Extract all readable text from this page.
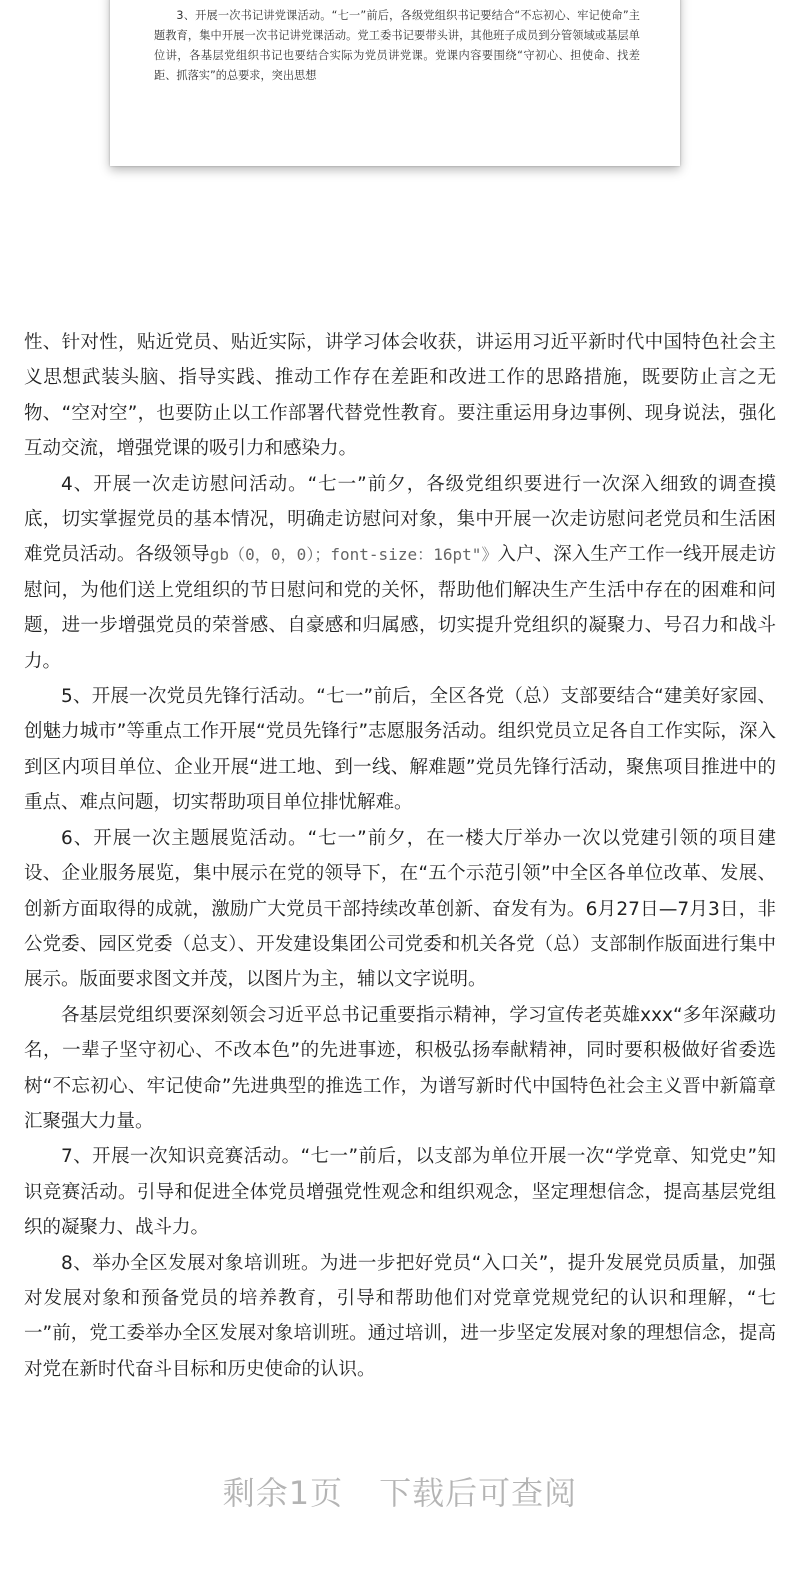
3、开展一次书记讲党课活动。“七一”前后，各级党组织书记要结合“不忘初心、牢记使命”主题教育，集中开展一次书记讲党课活动。党工委书记要带头讲，其他班子成员到分管领域或基层单位讲，各基层党组织书记也要结合实际为党员讲党课。党课内容要围绕“守初心、担使命、找差距、抓落实”的总要求，突出思想

性、针对性，贴近党员、贴近实际，讲学习体会收获，讲运用习近平新时代中国特色社会主义思想武装头脑、指导实践、推动工作存在差距和改进工作的思路措施，既要防止言之无物、“空对空”，也要防止以工作部署代替党性教育。要注重运用身边事例、现身说法，强化互动交流，增强党课的吸引力和感染力。

4、开展一次走访慰问活动。“七一”前夕，各级党组织要进行一次深入细致的调查摸底，切实掌握党员的基本情况，明确走访慰问对象，集中开展一次走访慰问老党员和生活困难党员活动。各级领导gb（0，0，0）；font-size：16pt"》入户、深入生产工作一线开展走访慰问，为他们送上党组织的节日慰问和党的关怀，帮助他们解决生产生活中存在的困难和问题，进一步增强党员的荣誉感、自豪感和归属感，切实提升党组织的凝聚力、号召力和战斗力。

5、开展一次党员先锋行活动。“七一”前后，全区各党（总）支部要结合“建美好家园、创魅力城市”等重点工作开展“党员先锋行”志愿服务活动。组织党员立足各自工作实际，深入到区内项目单位、企业开展“进工地、到一线、解难题”党员先锋行活动，聚焦项目推进中的重点、难点问题，切实帮助项目单位排忧解难。

6、开展一次主题展览活动。“七一”前夕，在一楼大厅举办一次以党建引领的项目建设、企业服务展览，集中展示在党的领导下，在“五个示范引领”中全区各单位改革、发展、创新方面取得的成就，激励广大党员干部持续改革创新、奋发有为。6月27日—7月3日，非公党委、园区党委（总支）、开发建设集团公司党委和机关各党（总）支部制作版面进行集中展示。版面要求图文并茂，以图片为主，辅以文字说明。

各基层党组织要深刻领会习近平总书记重要指示精神，学习宣传老英雄xxx“多年深藏功名，一辈子坚守初心、不改本色”的先进事迹，积极弘扬奉献精神，同时要积极做好省委选树“不忘初心、牢记使命”先进典型的推选工作，为谱写新时代中国特色社会主义晋中新篇章汇聚强大力量。

7、开展一次知识竞赛活动。“七一”前后，以支部为单位开展一次“学党章、知党史”知识竞赛活动。引导和促进全体党员增强党性观念和组织观念，坚定理想信念，提高基层党组织的凝聚力、战斗力。

8、举办全区发展对象培训班。为进一步把好党员“入口关”，提升发展党员质量，加强对发展对象和预备党员的培养教育，引导和帮助他们对党章党规党纪的认识和理解，“七一”前，党工委举办全区发展对象培训班。通过培训，进一步坚定发展对象的理想信念，提高对党在新时代奋斗目标和历史使命的认识。

剩余1页 下载后可查阅
